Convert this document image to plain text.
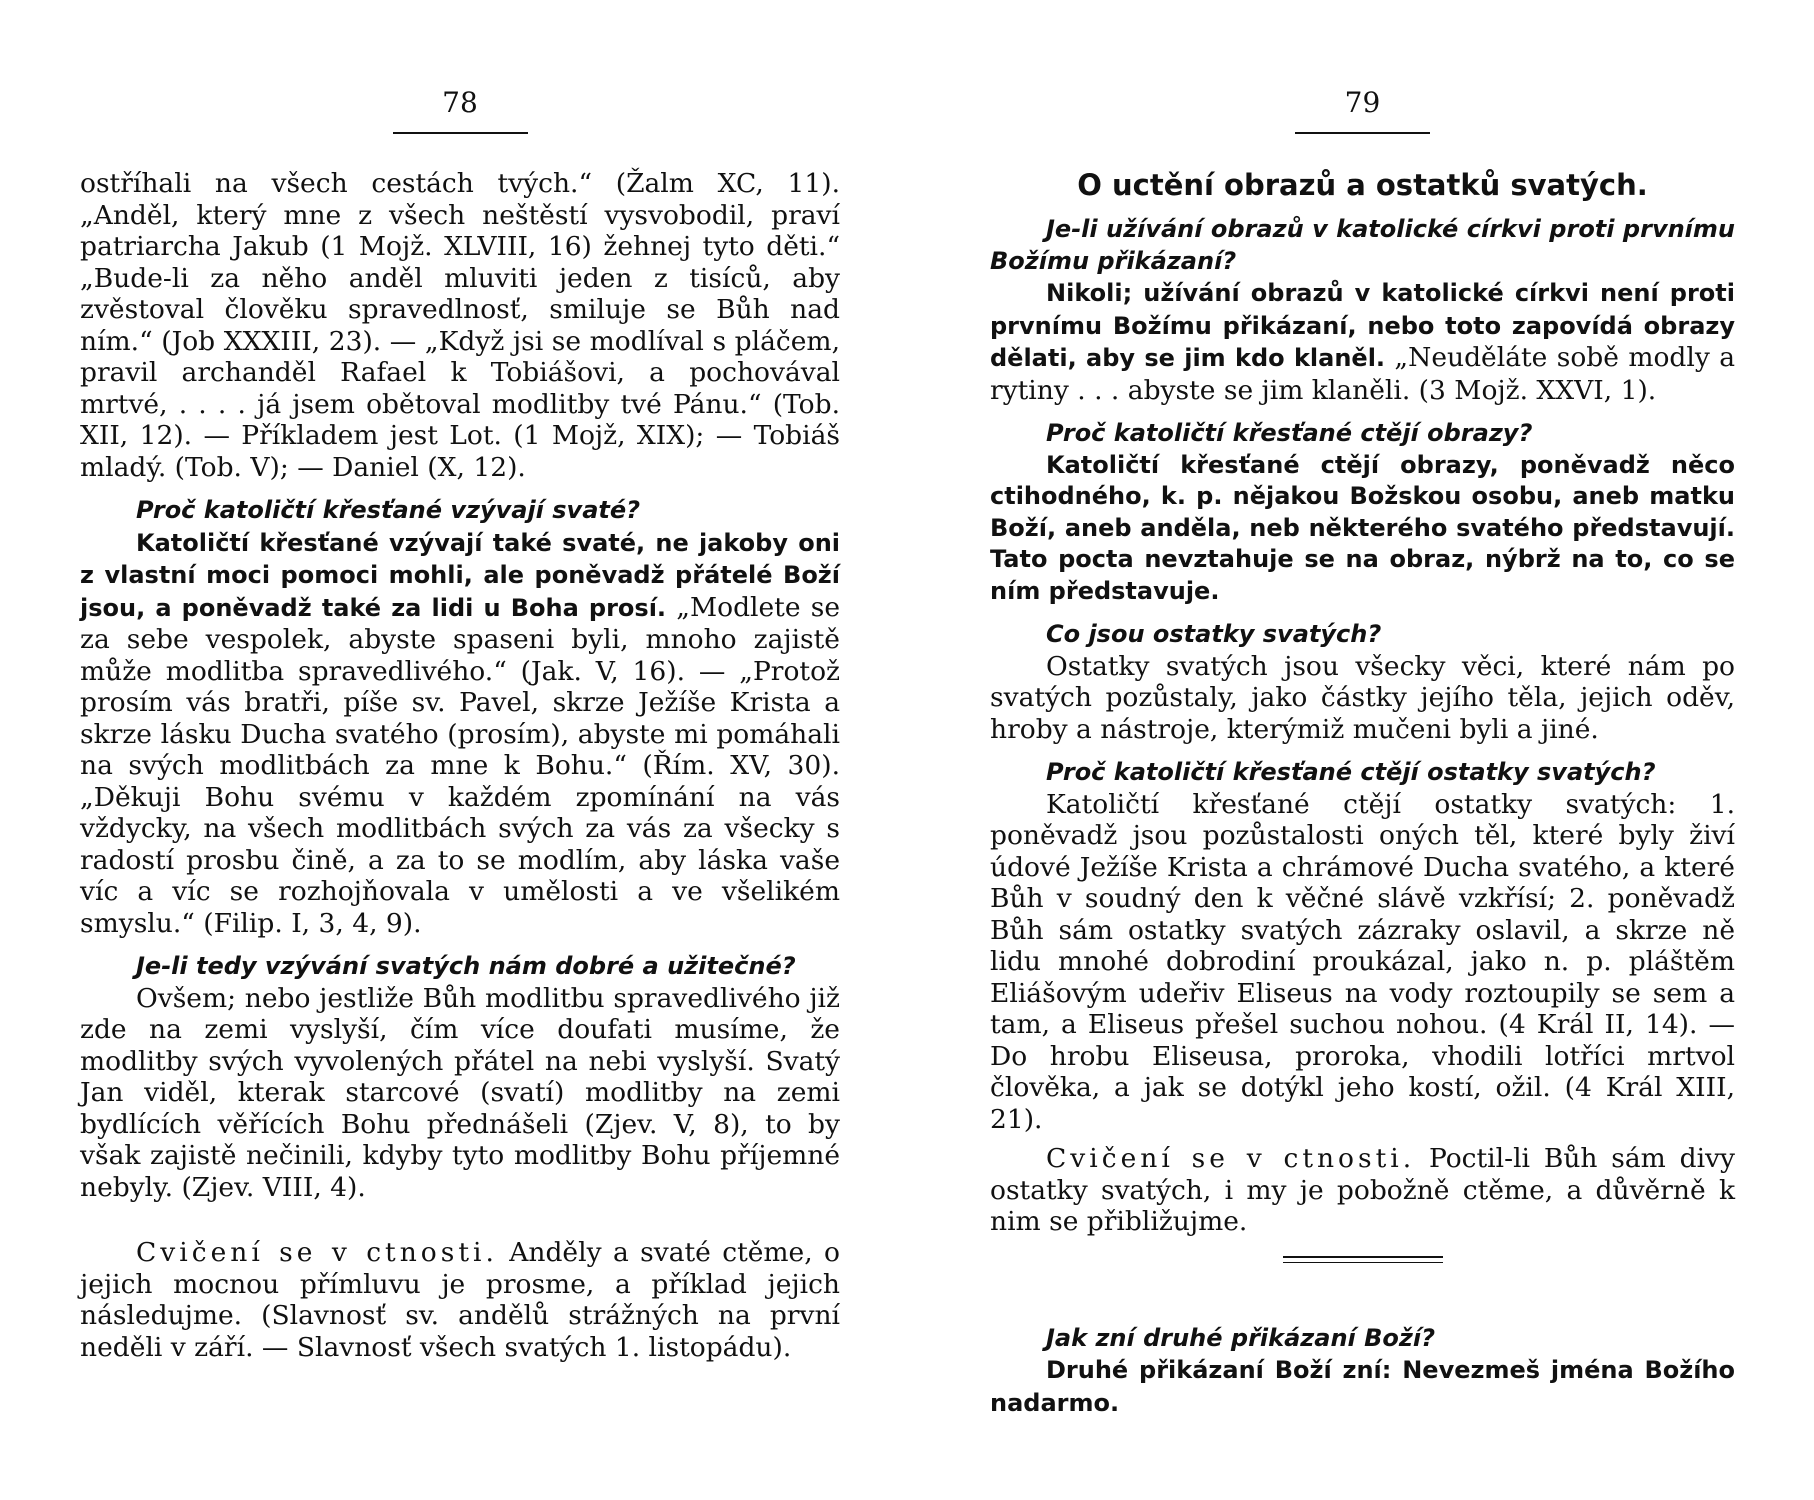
78

ostříhali na všech cestách tvých.“ (Žalm XC, 11). „Anděl, který mne z všech neštěstí vysvobodil, praví patriarcha Jakub (1 Mojž. XLVIII, 16) žehnej tyto děti.“ „Bude-li za něho anděl mluviti jeden z tisíců, aby zvěstoval člověku spravedlnosť, smiluje se Bůh nad ním.“ (Job XXXIII, 23). — „Když jsi se modlíval s pláčem, pravil archanděl Rafael k Tobiášovi, a pochovával mrtvé, . . . . já jsem obětoval modlitby tvé Pánu.“ (Tob. XII, 12). — Příkladem jest Lot. (1 Mojž, XIX); — Tobiáš mladý. (Tob. V); — Daniel (X, 12).

Proč katoličtí křesťané vzývají svaté?

Katoličtí křesťané vzývají také svaté, ne jakoby oni z vlastní moci pomoci mohli, ale poněvadž přátelé Boží jsou, a poněvadž také za lidi u Boha prosí. „Modlete se za sebe vespolek, abyste spaseni byli, mnoho zajistě může modlitba spravedlivého.“ (Jak. V, 16). — „Protož prosím vás bratři, píše sv. Pavel, skrze Ježíše Krista a skrze lásku Ducha svatého (prosím), abyste mi pomáhali na svých modlitbách za mne k Bohu.“ (Řím. XV, 30). „Děkuji Bohu svému v každém zpomínání na vás vždycky, na všech modlitbách svých za vás za všecky s radostí prosbu čině, a za to se modlím, aby láska vaše víc a víc se rozhojňovala v umělosti a ve všelikém smyslu.“ (Filip. I, 3, 4, 9).

Je-li tedy vzývání svatých nám dobré a užitečné?

Ovšem; nebo jestliže Bůh modlitbu spravedlivého již zde na zemi vyslyší, čím více doufati musíme, že modlitby svých vyvolených přátel na nebi vyslyší. Svatý Jan viděl, kterak starcové (svatí) modlitby na zemi bydlících věřících Bohu přednášeli (Zjev. V, 8), to by však zajistě nečinili, kdyby tyto modlitby Bohu příjemné nebyly. (Zjev. VIII, 4).

Cvičení se v ctnosti. Anděly a svaté ctěme, o jejich mocnou přímluvu je prosme, a příklad jejich následujme. (Slavnosť sv. andělů strážných na první neděli v září. — Slavnosť všech svatých 1. listopádu).

79

O uctění obrazů a ostatků svatých.

Je-li užívání obrazů v katolické církvi proti prvnímu Božímu přikázaní?

Nikoli; užívání obrazů v katolické církvi není proti prvnímu Božímu přikázaní, nebo toto zapovídá obrazy dělati, aby se jim kdo klaněl. „Neuděláte sobě modly a rytiny . . . abyste se jim klaněli. (3 Mojž. XXVI, 1).

Proč katoličtí křesťané ctějí obrazy?

Katoličtí křesťané ctějí obrazy, poněvadž něco ctihodného, k. p. nějakou Božskou osobu, aneb matku Boží, aneb anděla, neb některého svatého představují. Tato pocta nevztahuje se na obraz, nýbrž na to, co se ním představuje.

Co jsou ostatky svatých?

Ostatky svatých jsou všecky věci, které nám po svatých pozůstaly, jako částky jejího těla, jejich oděv, hroby a nástroje, kterýmiž mučeni byli a jiné.

Proč katoličtí křesťané ctějí ostatky svatých?

Katoličtí křesťané ctějí ostatky svatých: 1. poněvadž jsou pozůstalosti oných těl, které byly živí údové Ježíše Krista a chrámové Ducha svatého, a které Bůh v soudný den k věčné slávě vzkřísí; 2. poněvadž Bůh sám ostatky svatých zázraky oslavil, a skrze ně lidu mnohé dobrodiní proukázal, jako n. p. pláštěm Eliášovým udeřiv Eliseus na vody roztoupily se sem a tam, a Eliseus přešel suchou nohou. (4 Král II, 14). — Do hrobu Eliseusa, proroka, vhodili lotříci mrtvol člověka, a jak se dotýkl jeho kostí, ožil. (4 Král XIII, 21).

Cvičení se v ctnosti. Poctil-li Bůh sám divy ostatky svatých, i my je pobožně ctěme, a důvěrně k nim se přibližujme.

Jak zní druhé přikázaní Boží?

Druhé přikázaní Boží zní: Nevezmeš jména Božího nadarmo.
